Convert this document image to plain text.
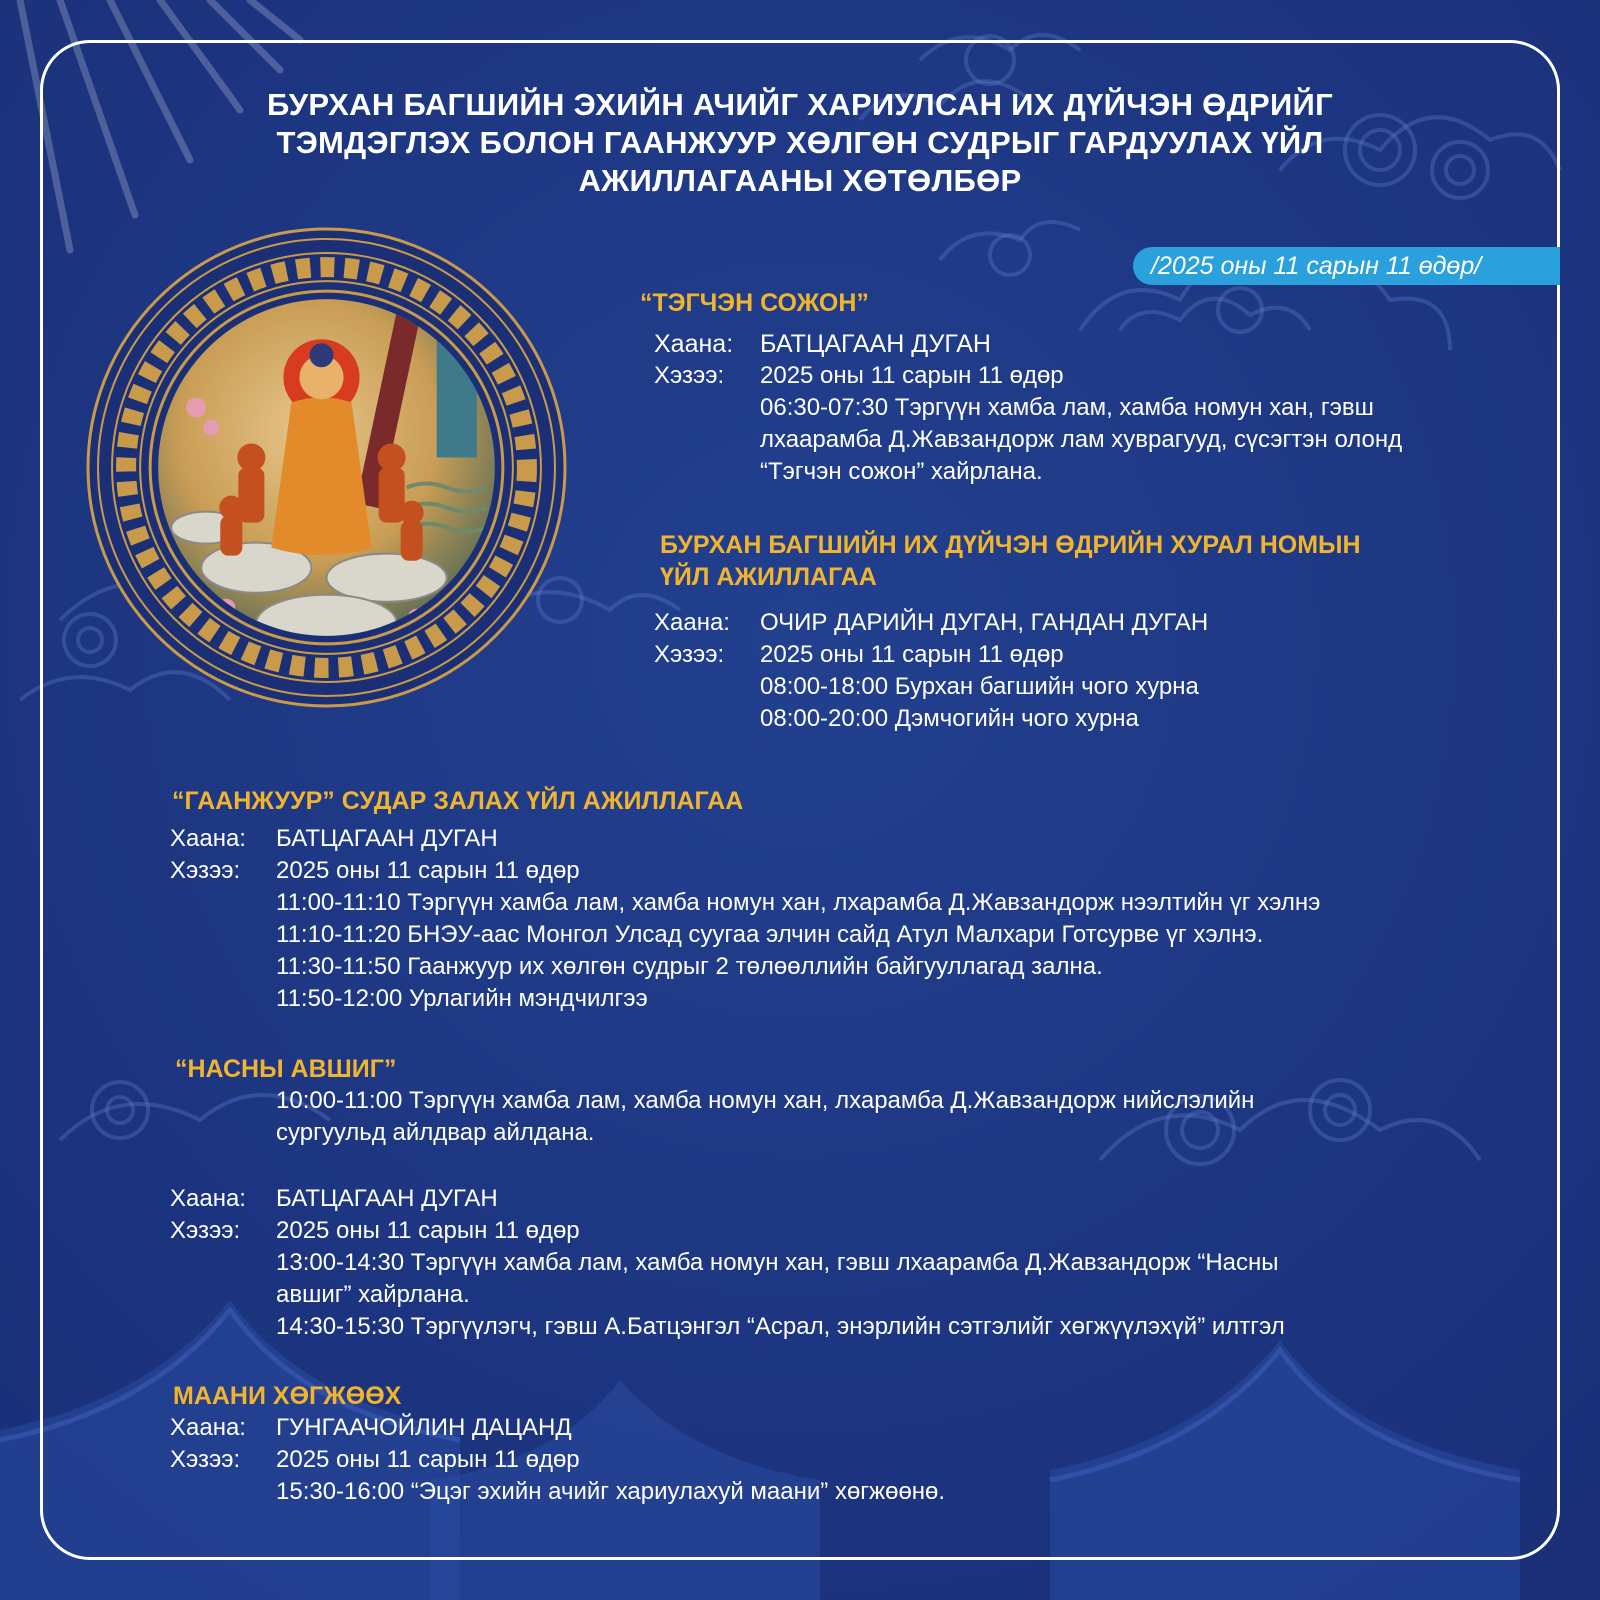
БУРХАН БАГШИЙН ЭХИЙН АЧИЙГ ХАРИУЛСАН ИХ ДҮЙЧЭН ӨДРИЙГ
ТЭМДЭГЛЭХ БОЛОН ГААНЖУУР ХӨЛГӨН СУДРЫГ ГАРДУУЛАХ ҮЙЛ
АЖИЛЛАГААНЫ ХӨТӨЛБӨР
/2025 оны 11 сарын 11 өдөр/
“ТЭГЧЭН СОЖОН”
Хаана: БАТЦАГААН ДУГАН
Хэзээ: 2025 оны 11 сарын 11 өдөр
06:30-07:30 Тэргүүн хамба лам, хамба номун хан, гэвш
лхаарамба Д.Жавзандорж лам хуврагууд, сүсэгтэн олонд
“Тэгчэн сожон” хайрлана.
БУРХАН БАГШИЙН ИХ ДҮЙЧЭН ӨДРИЙН ХУРАЛ НОМЫН
ҮЙЛ АЖИЛЛАГАА
Хаана: ОЧИР ДАРИЙН ДУГАН, ГАНДАН ДУГАН
Хэзээ: 2025 оны 11 сарын 11 өдөр
08:00-18:00 Бурхан багшийн чого хурна
08:00-20:00 Дэмчогийн чого хурна
“ГААНЖУУР” СУДАР ЗАЛАХ ҮЙЛ АЖИЛЛАГАА
Хаана: БАТЦАГААН ДУГАН
Хэзээ: 2025 оны 11 сарын 11 өдөр
11:00-11:10 Тэргүүн хамба лам, хамба номун хан, лхарамба Д.Жавзандорж нээлтийн үг хэлнэ
11:10-11:20 БНЭУ-аас Монгол Улсад суугаа элчин сайд Атул Малхари Готсурве үг хэлнэ.
11:30-11:50 Гаанжуур их хөлгөн судрыг 2 төлөөллийн байгууллагад зална.
11:50-12:00 Урлагийн мэндчилгээ
“НАСНЫ АВШИГ”
10:00-11:00 Тэргүүн хамба лам, хамба номун хан, лхарамба Д.Жавзандорж нийслэлийн
сургуульд айлдвар айлдана.
Хаана: БАТЦАГААН ДУГАН
Хэзээ: 2025 оны 11 сарын 11 өдөр
13:00-14:30 Тэргүүн хамба лам, хамба номун хан, гэвш лхаарамба Д.Жавзандорж “Насны
авшиг” хайрлана.
14:30-15:30 Тэргүүлэгч, гэвш А.Батцэнгэл “Асрал, энэрлийн сэтгэлийг хөгжүүлэхүй” илтгэл
МААНИ ХӨГЖӨӨХ
Хаана: ГУНГААЧОЙЛИН ДАЦАНД
Хэзээ: 2025 оны 11 сарын 11 өдөр
15:30-16:00 “Эцэг эхийн ачийг хариулахуй маани” хөгжөөнө.
